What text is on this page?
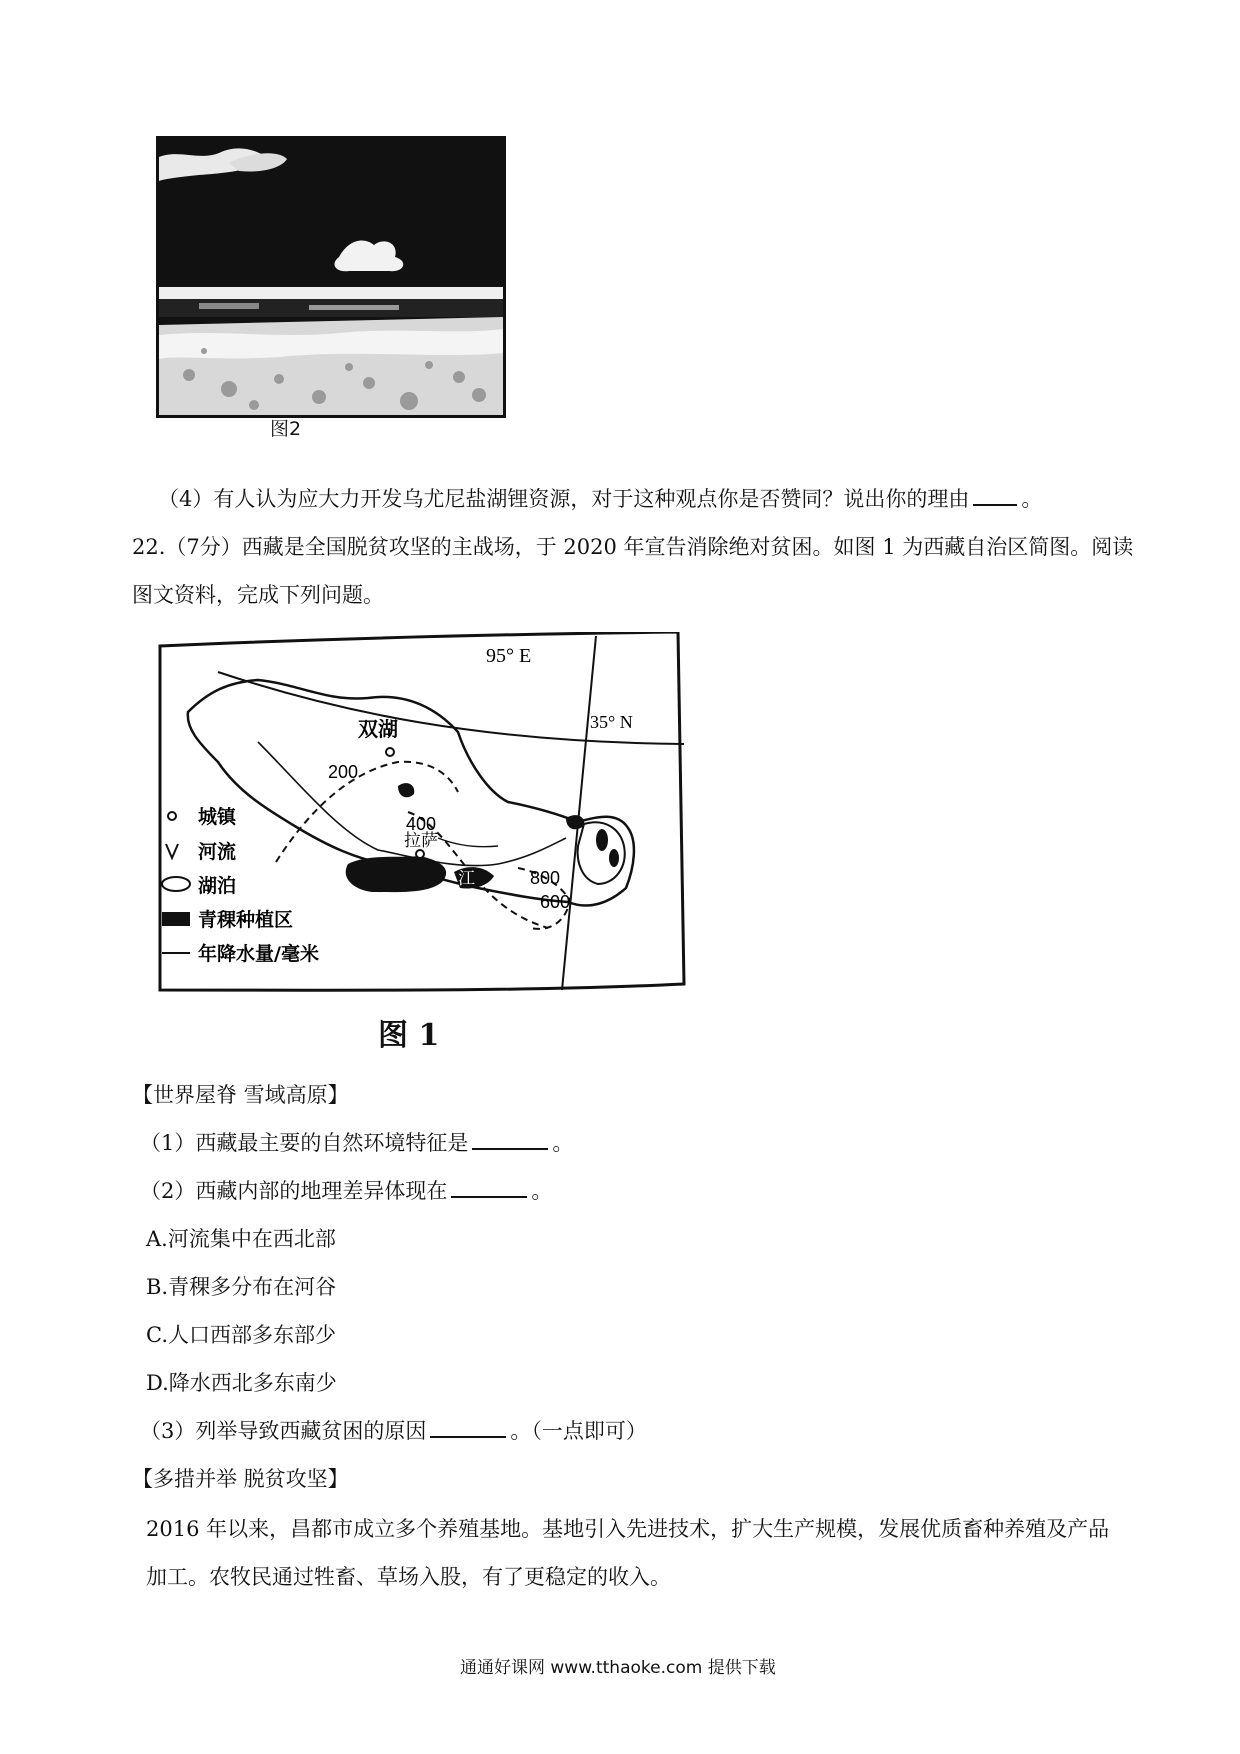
图2
（4）有人认为应大力开发乌尤尼盐湖锂资源，对于这种观点你是否赞同？说出你的理由 。
22.（7分）西藏是全国脱贫攻坚的主战场，于 2020 年宣告消除绝对贫困。如图 1 为西藏自治区简图。阅读
图文资料，完成下列问题。
95° E
35° N
双湖
拉萨
江
200
400
800
600
城镇
河流
湖泊
青稞种植区
年降水量/毫米
图 1
【世界屋脊 雪域高原】
（1）西藏最主要的自然环境特征是	。
（2）西藏内部的地理差异体现在	。
A.河流集中在西北部
B.青稞多分布在河谷
C.人口西部多东部少
D.降水西北多东南少
（3）列举导致西藏贫困的原因	。（一点即可）
【多措并举 脱贫攻坚】
2016 年以来，昌都市成立多个养殖基地。基地引入先进技术，扩大生产规模，发展优质畜种养殖及产品
加工。农牧民通过牲畜、草场入股，有了更稳定的收入。
通通好课网 www.tthaoke.com 提供下载
